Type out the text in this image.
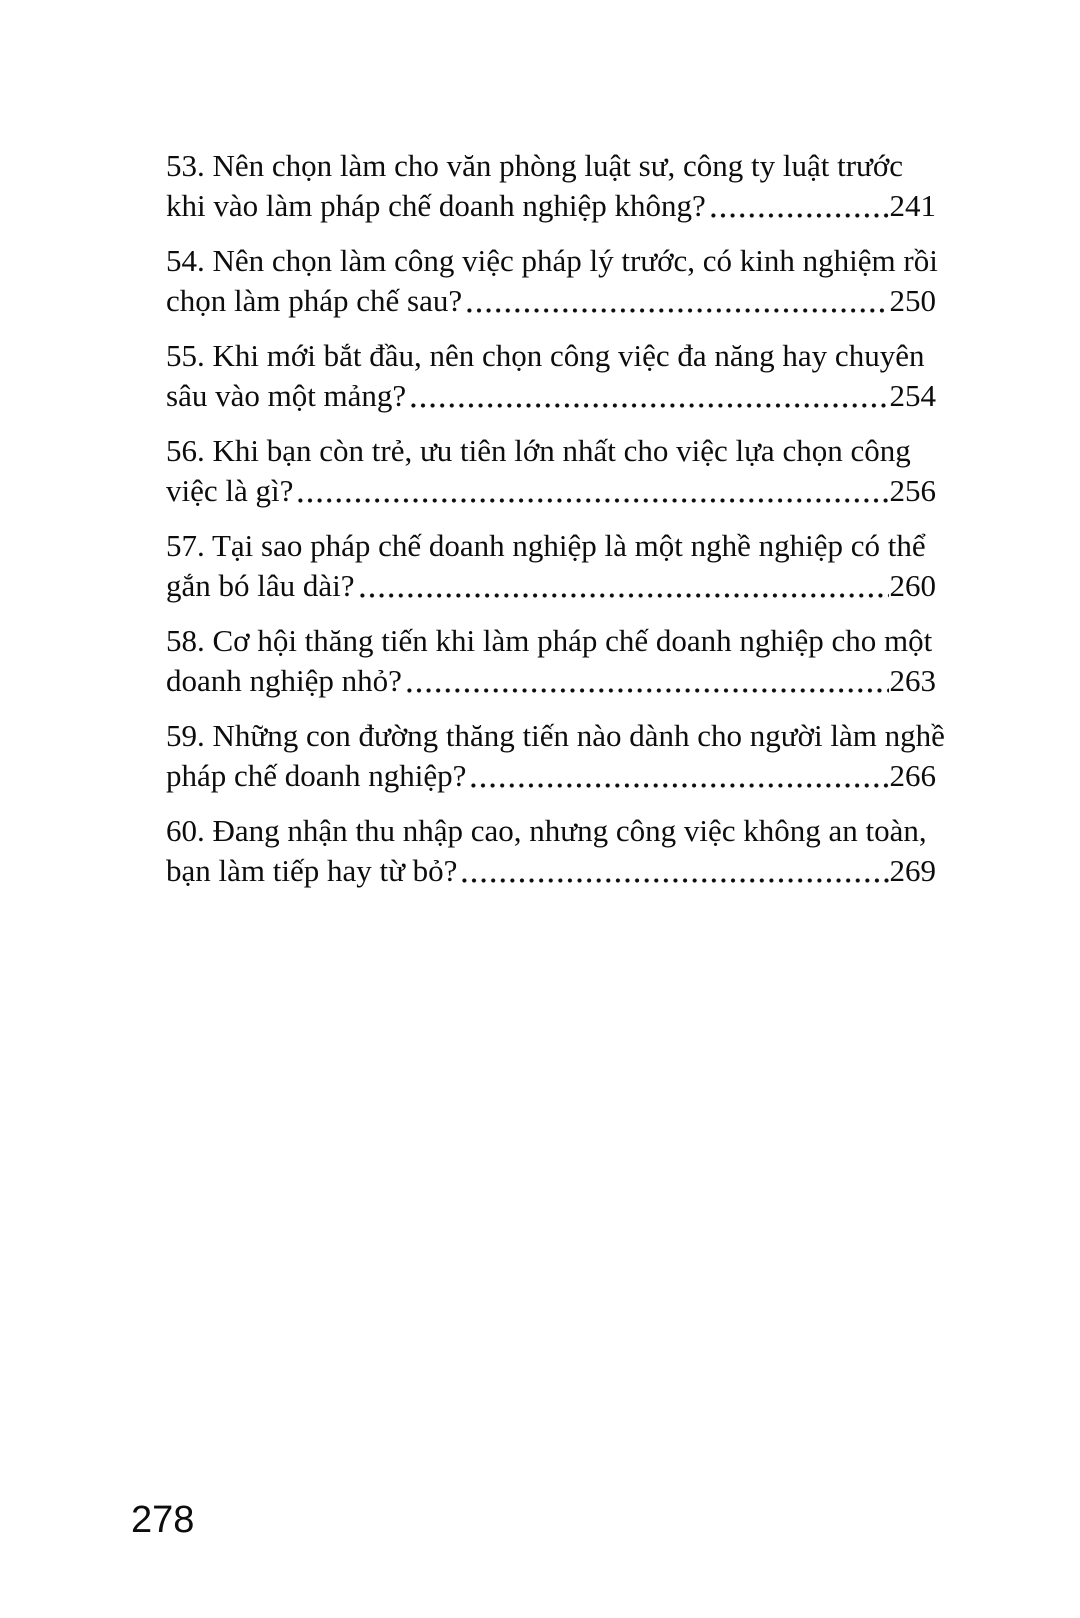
53. Nên chọn làm cho văn phòng luật sư, công ty luật trước
khi vào làm pháp chế doanh nghiệp không?	241
54. Nên chọn làm công việc pháp lý trước, có kinh nghiệm rồi
chọn làm pháp chế sau?	250
55. Khi mới bắt đầu, nên chọn công việc đa năng hay chuyên
sâu vào một mảng?	254
56. Khi bạn còn trẻ, ưu tiên lớn nhất cho việc lựa chọn công
việc là gì?	256
57. Tại sao pháp chế doanh nghiệp là một nghề nghiệp có thể
gắn bó lâu dài?	260
58. Cơ hội thăng tiến khi làm pháp chế doanh nghiệp cho một
doanh nghiệp nhỏ?	263
59. Những con đường thăng tiến nào dành cho người làm nghề
pháp chế doanh nghiệp?	266
60. Đang nhận thu nhập cao, nhưng công việc không an toàn,
bạn làm tiếp hay từ bỏ?	269
278
